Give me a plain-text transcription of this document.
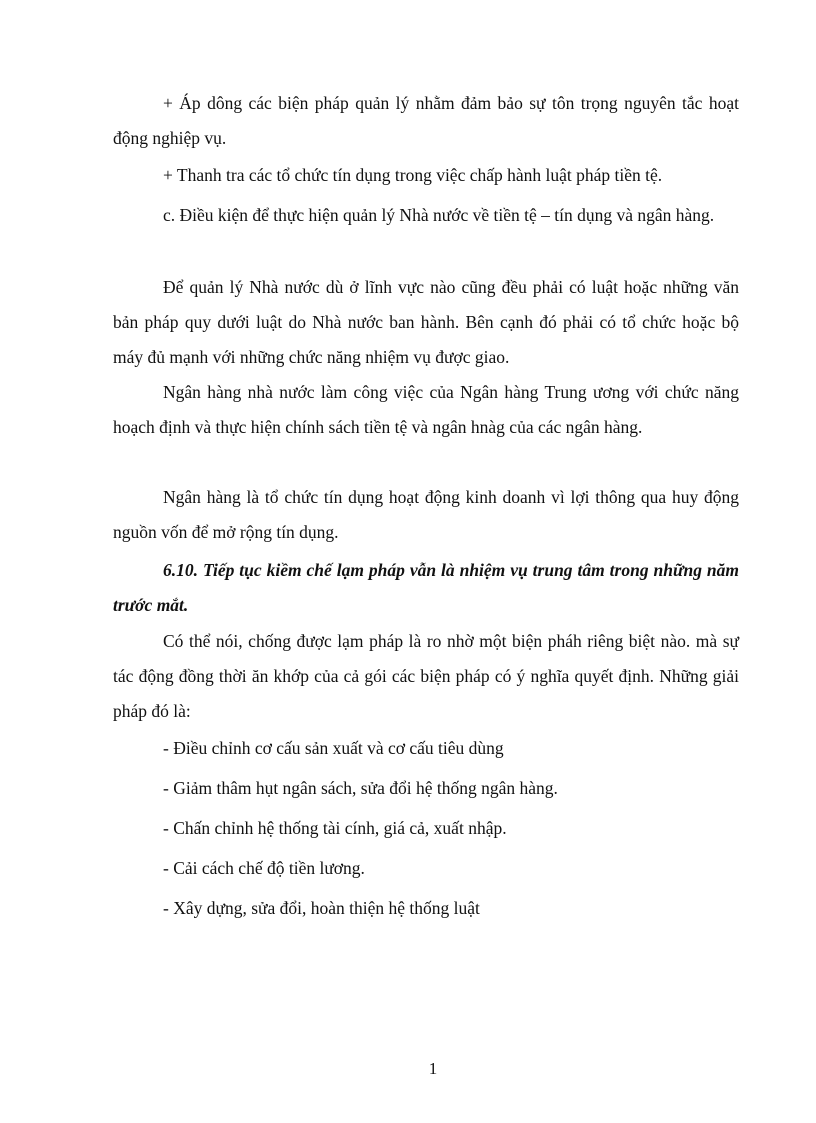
+ Áp dông các biện pháp quản lý nhằm đảm bảo sự tôn trọng nguyên tắc hoạt động nghiệp vụ.

+ Thanh tra các tổ chức tín dụng trong việc chấp hành luật pháp tiền tệ.

c. Điều kiện để thực hiện quản lý Nhà nước về tiền tệ – tín dụng và ngân hàng.

Để quản lý Nhà nước dù ở lĩnh vực nào cũng đều phải có luật hoặc những văn bản pháp quy dưới luật do Nhà nước ban hành. Bên cạnh đó phải có tổ chức hoặc bộ máy đủ mạnh với những chức năng nhiệm vụ được giao.

Ngân hàng nhà nước làm công việc của Ngân hàng Trung ương với chức năng hoạch định và thực hiện chính sách tiền tệ và ngân hnàg của các ngân hàng.

Ngân hàng là tổ chức tín dụng hoạt động kinh doanh vì lợi thông qua huy động nguồn vốn để mở rộng tín dụng.

6.10. Tiếp tục kiềm chế lạm pháp vẫn là nhiệm vụ trung tâm trong những năm trước mắt.

Có thể nói, chống được lạm pháp là ro nhờ một biện pháh riêng biệt nào. mà sự tác động đồng thời ăn khớp của cả gói các biện pháp có ý nghĩa quyết định. Những giải pháp đó là:

- Điều chỉnh cơ cấu sản xuất và cơ cấu tiêu dùng

- Giảm thâm hụt ngân sách, sửa đổi hệ thống ngân hàng.

- Chấn chỉnh hệ thống tài cính, giá cả, xuất nhập.

- Cải cách chế độ tiền lương.

- Xây dựng, sửa đổi, hoàn thiện hệ thống luật

1
